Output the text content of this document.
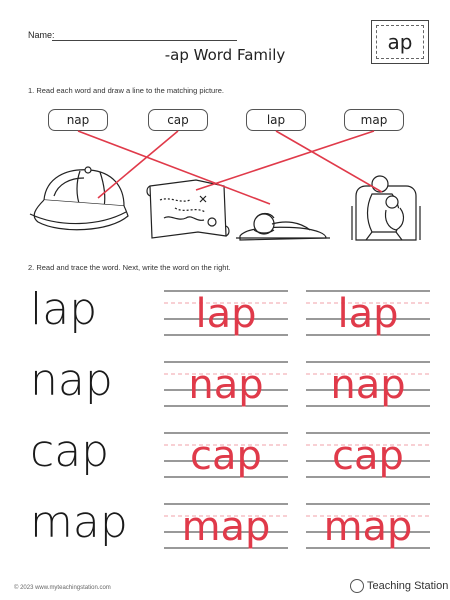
Name:	ap
-ap Word Family
1. Read each word and draw a line to the matching picture.
nap	cap	lap	map
2. Read and trace the word. Next, write the word on the right.
lap	lap	lap
nap	nap	nap
cap	cap	cap
map	map	map
© 2023 www.myteachingstation.com	Teaching Station
